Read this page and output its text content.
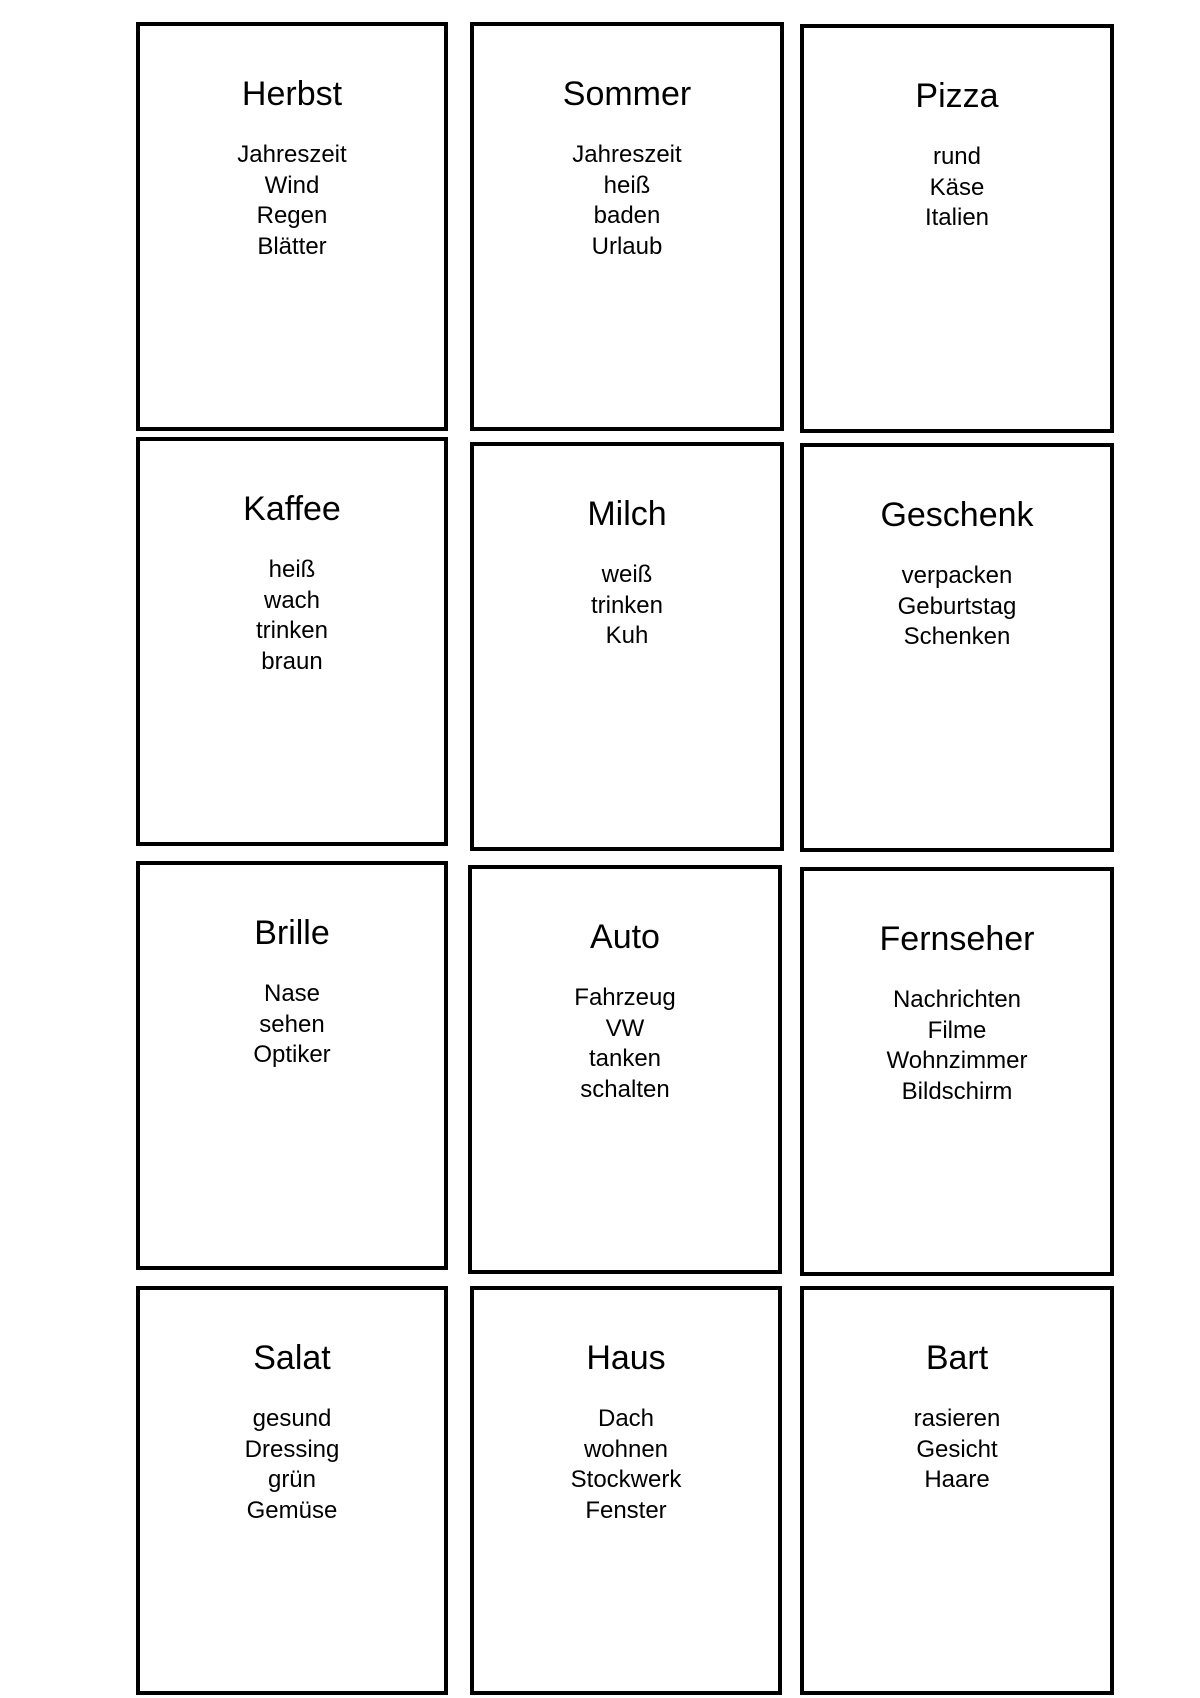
Herbst
Jahreszeit
Wind
Regen
Blätter
Sommer
Jahreszeit
heiß
baden
Urlaub
Pizza
rund
Käse
Italien
Kaffee
heiß
wach
trinken
braun
Milch
weiß
trinken
Kuh
Geschenk
verpacken
Geburtstag
Schenken
Brille
Nase
sehen
Optiker
Auto
Fahrzeug
VW
tanken
schalten
Fernseher
Nachrichten
Filme
Wohnzimmer
Bildschirm
Salat
gesund
Dressing
grün
Gemüse
Haus
Dach
wohnen
Stockwerk
Fenster
Bart
rasieren
Gesicht
Haare
